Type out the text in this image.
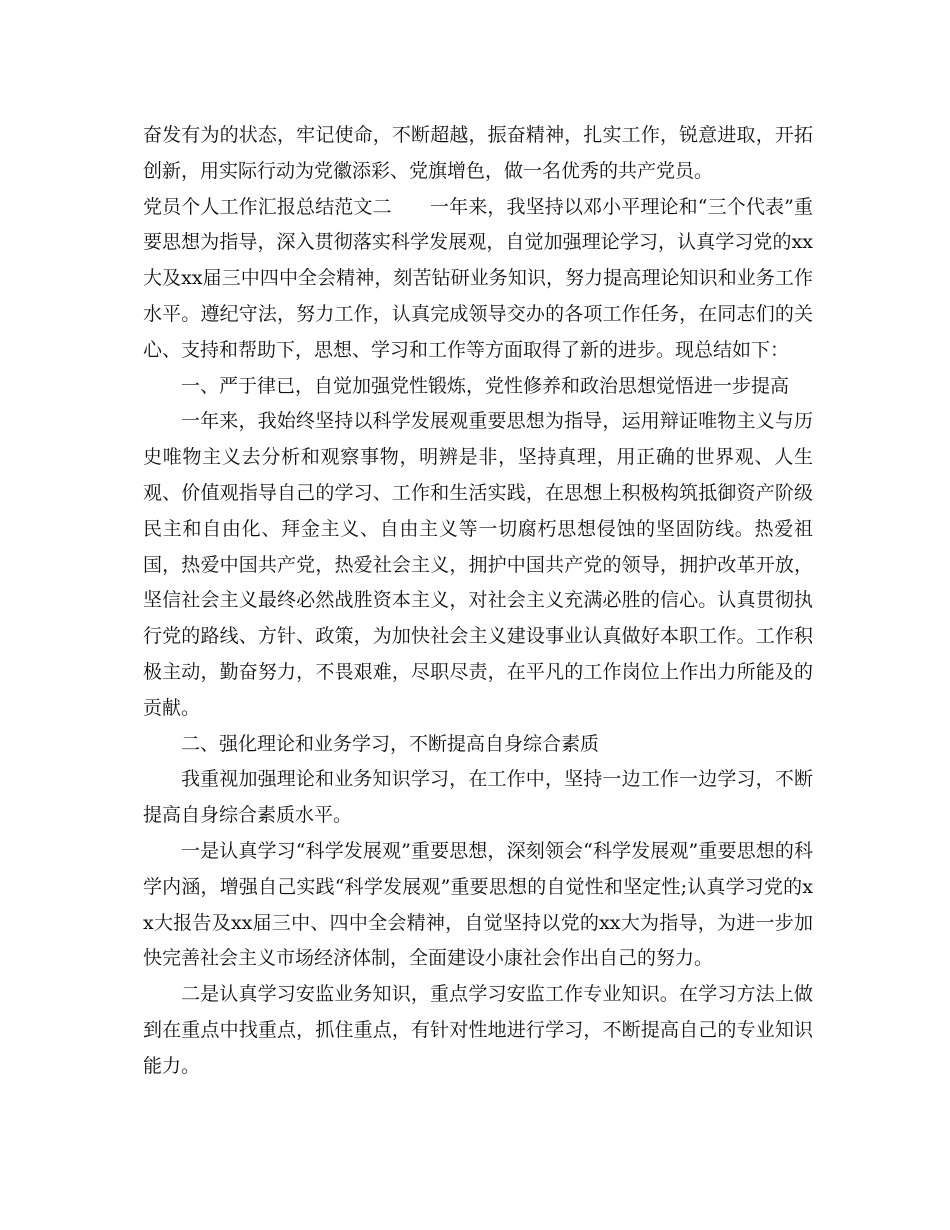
奋发有为的状态，牢记使命，不断超越，振奋精神，扎实工作，锐意进取，开拓创新，用实际行动为党徽添彩、党旗增色，做一名优秀的共产党员。

党员个人工作汇报总结范文二　　一年来，我坚持以邓小平理论和“三个代表”重要思想为指导，深入贯彻落实科学发展观，自觉加强理论学习，认真学习党的xx大及xx届三中四中全会精神，刻苦钻研业务知识，努力提高理论知识和业务工作水平。遵纪守法，努力工作，认真完成领导交办的各项工作任务，在同志们的关心、支持和帮助下，思想、学习和工作等方面取得了新的进步。现总结如下：

一、严于律已，自觉加强党性锻炼，党性修养和政治思想觉悟进一步提高

一年来，我始终坚持以科学发展观重要思想为指导，运用辩证唯物主义与历史唯物主义去分析和观察事物，明辨是非，坚持真理，用正确的世界观、人生观、价值观指导自己的学习、工作和生活实践，在思想上积极构筑抵御资产阶级民主和自由化、拜金主义、自由主义等一切腐朽思想侵蚀的坚固防线。热爱祖国，热爱中国共产党，热爱社会主义，拥护中国共产党的领导，拥护改革开放，坚信社会主义最终必然战胜资本主义，对社会主义充满必胜的信心。认真贯彻执行党的路线、方针、政策，为加快社会主义建设事业认真做好本职工作。工作积极主动，勤奋努力，不畏艰难，尽职尽责，在平凡的工作岗位上作出力所能及的贡献。

二、强化理论和业务学习，不断提高自身综合素质

我重视加强理论和业务知识学习，在工作中，坚持一边工作一边学习，不断提高自身综合素质水平。

一是认真学习“科学发展观”重要思想，深刻领会“科学发展观”重要思想的科学内涵，增强自己实践“科学发展观”重要思想的自觉性和坚定性;认真学习党的xx大报告及xx届三中、四中全会精神，自觉坚持以党的xx大为指导，为进一步加快完善社会主义市场经济体制，全面建设小康社会作出自己的努力。

二是认真学习安监业务知识，重点学习安监工作专业知识。在学习方法上做到在重点中找重点，抓住重点，有针对性地进行学习，不断提高自己的专业知识能力。
